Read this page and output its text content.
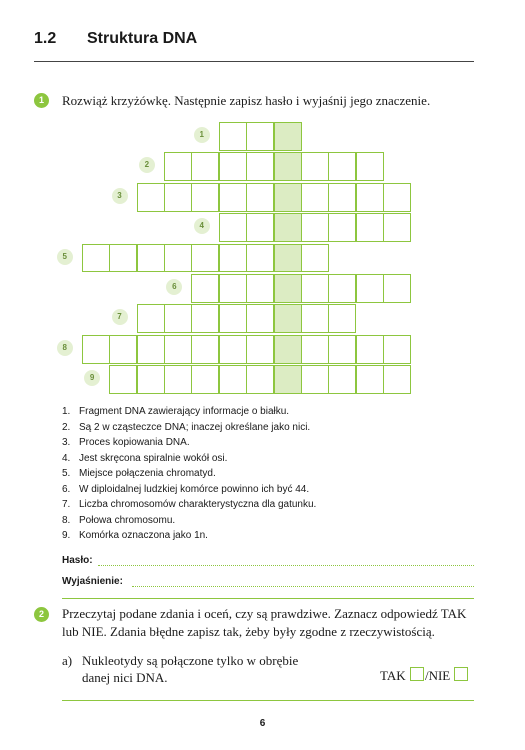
1.2 Struktura DNA
1	Rozwiąż krzyżówkę. Następnie zapisz hasło i wyjaśnij jego znaczenie.
1
2
3
4
5
6
7
8
9
1. Fragment DNA zawierający informacje o białku.
2. Są 2 w cząsteczce DNA; inaczej określane jako nici.
3. Proces kopiowania DNA.
4. Jest skręcona spiralnie wokół osi.
5. Miejsce połączenia chromatyd.
6. W diploidalnej ludzkiej komórce powinno ich być 44.
7. Liczba chromosomów charakterystyczna dla gatunku.
8. Połowa chromosomu.
9. Komórka oznaczona jako 1n.
Hasło:
Wyjaśnienie:
2	Przeczytaj podane zdania i oceń, czy są prawdziwe. Zaznacz odpowiedź TAK
lub NIE. Zdania błędne zapisz tak, żeby były zgodne z rzeczywistością.
a) Nukleotydy są połączone tylko w obrębie
danej nici DNA.	TAK /NIE
6
